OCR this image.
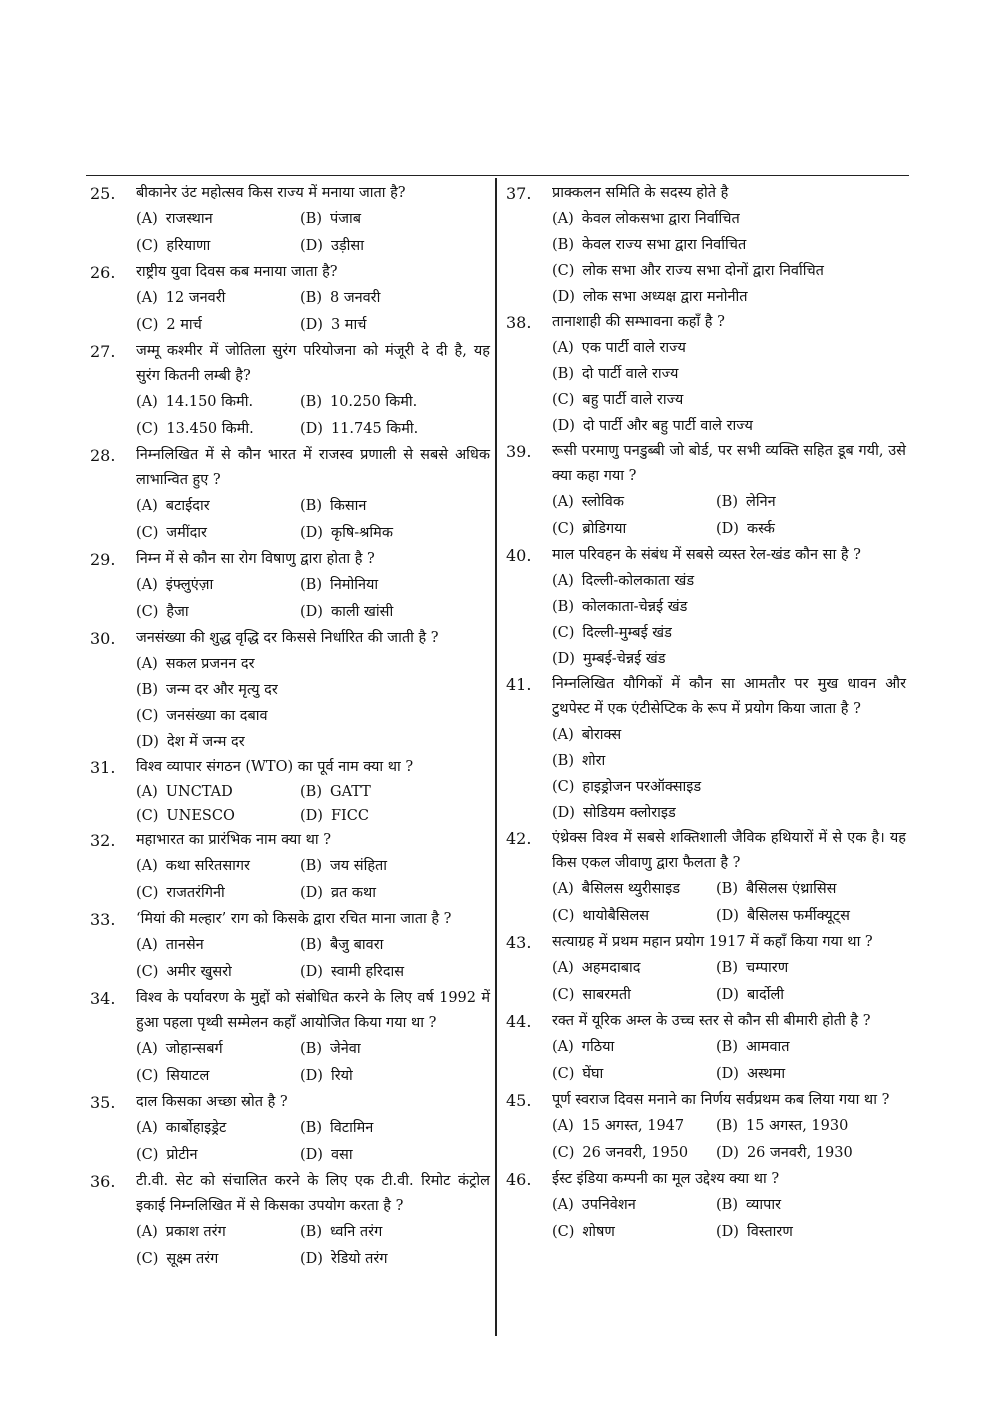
25. बीकानेर उंट महोत्सव किस राज्य में मनाया जाता है?
(A) राजस्थान	(B) पंजाब
(C) हरियाणा	(D) उड़ीसा
26. राष्ट्रीय युवा दिवस कब मनाया जाता है?
(A) 12 जनवरी	(B) 8 जनवरी
(C) 2 मार्च	(D) 3 मार्च
27. जम्मू कश्मीर में जोतिला सुरंग परियोजना को मंजूरी दे दी है, यह सुरंग कितनी लम्बी है?
(A) 14.150 किमी.	(B) 10.250 किमी.
(C) 13.450 किमी.	(D) 11.745 किमी.
28. निम्नलिखित में से कौन भारत में राजस्व प्रणाली से सबसे अधिक लाभान्वित हुए ?
(A) बटाईदार	(B) किसान
(C) जमींदार	(D) कृषि-श्रमिक
29. निम्न में से कौन सा रोग विषाणु द्वारा होता है ?
(A) इंफ्लुएंज़ा	(B) निमोनिया
(C) हैजा	(D) काली खांसी
30. जनसंख्या की शुद्ध वृद्धि दर किससे निर्धारित की जाती है ?
(A) सकल प्रजनन दर
(B) जन्म दर और मृत्यु दर
(C) जनसंख्या का दबाव
(D) देश में जन्म दर
31. विश्व व्यापार संगठन (WTO) का पूर्व नाम क्या था ?
(A) UNCTAD	(B) GATT
(C) UNESCO	(D) FICC
32. महाभारत का प्रारंभिक नाम क्या था ?
(A) कथा सरितसागर	(B) जय संहिता
(C) राजतरंगिनी	(D) व्रत कथा
33. ‘मियां की मल्हार’ राग को किसके द्वारा रचित माना जाता है ?
(A) तानसेन	(B) बैजु बावरा
(C) अमीर खुसरो	(D) स्वामी हरिदास
34. विश्व के पर्यावरण के मुद्दों को संबोधित करने के लिए वर्ष 1992 में हुआ पहला पृथ्वी सम्मेलन कहाँ आयोजित किया गया था ?
(A) जोहान्सबर्ग	(B) जेनेवा
(C) सियाटल	(D) रियो
35. दाल किसका अच्छा स्रोत है ?
(A) कार्बोहाइड्रेट	(B) विटामिन
(C) प्रोटीन	(D) वसा
36. टी.वी. सेट को संचालित करने के लिए एक टी.वी. रिमोट कंट्रोल इकाई निम्नलिखित में से किसका उपयोग करता है ?
(A) प्रकाश तरंग	(B) ध्वनि तरंग
(C) सूक्ष्म तरंग	(D) रेडियो तरंग
37. प्राक्कलन समिति के सदस्य होते है
(A) केवल लोकसभा द्वारा निर्वाचित
(B) केवल राज्य सभा द्वारा निर्वाचित
(C) लोक सभा और राज्य सभा दोनों द्वारा निर्वाचित
(D) लोक सभा अध्यक्ष द्वारा मनोनीत
38. तानाशाही की सम्भावना कहाँ है ?
(A) एक पार्टी वाले राज्य
(B) दो पार्टी वाले राज्य
(C) बहु पार्टी वाले राज्य
(D) दो पार्टी और बहु पार्टी वाले राज्य
39. रूसी परमाणु पनडुब्बी जो बोर्ड, पर सभी व्यक्ति सहित डूब गयी, उसे क्या कहा गया ?
(A) स्लोविक	(B) लेनिन
(C) ब्रोडिगया	(D) कर्स्क
40. माल परिवहन के संबंध में सबसे व्यस्त रेल-खंड कौन सा है ?
(A) दिल्ली-कोलकाता खंड
(B) कोलकाता-चेन्नई खंड
(C) दिल्ली-मुम्बई खंड
(D) मुम्बई-चेन्नई खंड
41. निम्नलिखित यौगिकों में कौन सा आमतौर पर मुख धावन और टुथपेस्ट में एक एंटीसेप्टिक के रूप में प्रयोग किया जाता है ?
(A) बोराक्स
(B) शोरा
(C) हाइड्रोजन परऑक्साइड
(D) सोडियम क्लोराइड
42. एंथ्रेक्स विश्व में सबसे शक्तिशाली जैविक हथियारों में से एक है। यह किस एकल जीवाणु द्वारा फैलता है ?
(A) बैसिलस थ्युरीसाइड	(B) बैसिलस एंथ्रासिस
(C) थायोबैसिलस	(D) बैसिलस फर्मीक्यूट्स
43. सत्याग्रह में प्रथम महान प्रयोग 1917 में कहाँ किया गया था ?
(A) अहमदाबाद	(B) चम्पारण
(C) साबरमती	(D) बार्दोली
44. रक्त में यूरिक अम्ल के उच्च स्तर से कौन सी बीमारी होती है ?
(A) गठिया	(B) आमवात
(C) घेंघा	(D) अस्थमा
45. पूर्ण स्वराज दिवस मनाने का निर्णय सर्वप्रथम कब लिया गया था ?
(A) 15 अगस्त, 1947	(B) 15 अगस्त, 1930
(C) 26 जनवरी, 1950	(D) 26 जनवरी, 1930
46. ईस्ट इंडिया कम्पनी का मूल उद्देश्य क्या था ?
(A) उपनिवेशन	(B) व्यापार
(C) शोषण	(D) विस्तारण
